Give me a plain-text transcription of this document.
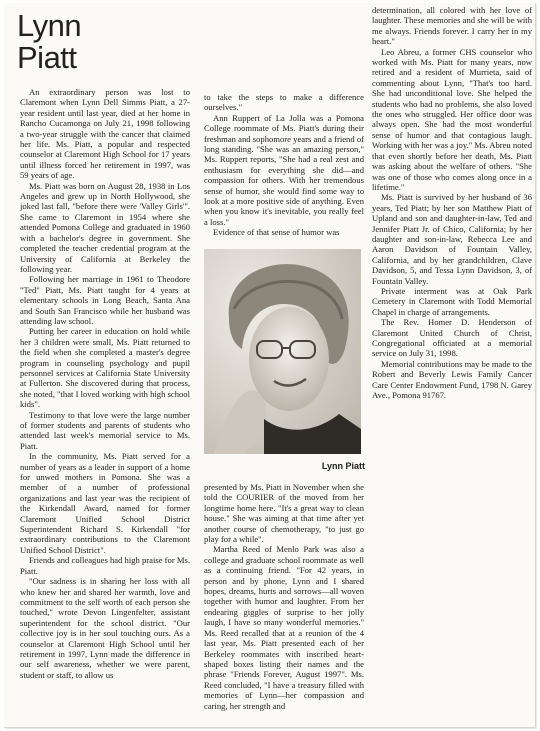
Lynn
Piatt

An extraordinary person was lost to Claremont when Lynn Dell Simms Piatt, a 27-year resident until last year, died at her home in Rancho Cucamonga on July 21, 1998 following a two-year struggle with the cancer that claimed her life. Ms. Piatt, a popular and respected counselor at Claremont High School for 17 years until illness forced her retirement in 1997, was 59 years of age.

Ms. Piatt was born on August 28, 1938 in Los Angeles and grew up in North Hollywood, she joked last fall, "before there were 'Valley Girls'". She came to Claremont in 1954 where she attended Pomona College and graduated in 1960 with a bachelor's degree in government. She completed the teacher credential program at the University of California at Berkeley the following year.

Following her marriage in 1961 to Theodore "Ted" Piatt, Ms. Piatt taught for 4 years at elementary schools in Long Beach, Santa Ana and South San Francisco while her husband was attending law school.

Putting her career in education on hold while her 3 children were small, Ms. Piatt returned to the field when she completed a master's degree program in counseling psychology and pupil personnel services at California State University at Fullerton. She discovered during that process, she noted, "that I loved working with high school kids".

Testimony to that love were the large number of former students and parents of students who attended last week's memorial service to Ms. Piatt.

In the community, Ms. Piatt served for a number of years as a leader in support of a home for unwed mothers in Pomona. She was a member of a number of professional organizations and last year was the recipient of the Kirkendall Award, named for former Claremont Unified School District Superintendent Richard S. Kirkendall "for extraordinary contributions to the Claremont Unified School District".

Friends and colleagues had high praise for Ms. Piatt.

"Our sadness is in sharing her loss with all who knew her and shared her warmth, love and commitment to the self worth of each person she touched," wrote Devon Lingenfelter, assistant superintendent for the school district. "Our collective joy is in her soul touching ours. As a counselor at Claremont High School until her retirement in 1997, Lynn made the difference in our self awareness, whether we were parent, student or staff, to allow us

to take the steps to make a difference ourselves."

Ann Ruppert of La Jolla was a Pomona College roommate of Ms. Piatt's during their freshman and sophomore years and a friend of long standing. "She was an amazing person," Ms. Ruppert reports, "She had a real zest and enthusiasm for everything she did—and compassion for others. With her tremendous sense of humor, she would find some way to look at a more positive side of anything. Even when you know it's inevitable, you really feel a loss."

Evidence of that sense of humor was

Lynn Piatt

presented by Ms. Piatt in November when she told the COURIER of the moved from her longtime home here. "It's a great way to clean house." She was aiming at that time after yet another course of chemotherapy, "to just go play for a while".

Martha Reed of Menlo Park was also a college and graduate school roommate as well as a continuing friend. "For 42 years, in person and by phone, Lynn and I shared hopes, dreams, hurts and sorrows—all woven together with humor and laughter. From her endearing giggles of surprise to her jolly laugh, I have so many wonderful memories." Ms. Reed recalled that at a reunion of the 4 last year, Ms. Piatt presented each of her Berkeley roommates with inscribed heart-shaped boxes listing their names and the phrase "Friends Forever, August 1997". Ms. Reed concluded, "I have a treasury filled with memories of Lynn—her compassion and caring, her strength and

determination, all colored with her love of laughter. These memories and she will be with me always. Friends forever. I carry her in my heart."

Leo Abreu, a former CHS counselor who worked with Ms. Piatt for many years, now retired and a resident of Murrieta, said of commenting about Lynn, "That's too hard. She had unconditional love. She helped the students who had no problems, she also loved the ones who struggled. Her office door was always open. She had the most wonderful sense of humor and that contagious laugh. Working with her was a joy." Ms. Abreu noted that even shortly before her death, Ms. Piatt was asking about the welfare of others. "She was one of those who comes along once in a lifetime."

Ms. Piatt is survived by her husband of 36 years, Ted Piatt; by her son Matthew Piatt of Upland and son and daughter-in-law, Ted and Jennifer Piatt Jr. of Chico, California; by her daughter and son-in-law, Rebecca Lee and Aaron Davidson of Fountain Valley, California, and by her grandchildren, Clave Davidson, 5, and Tessa Lynn Davidson, 3, of Fountain Valley.

Private interment was at Oak Park Cemetery in Claremont with Todd Memorial Chapel in charge of arrangements.

The Rev. Homer D. Henderson of Claremont United Church of Christ, Congregational officiated at a memorial service on July 31, 1998.

Memorial contributions may be made to the Robert and Beverly Lewis Family Cancer Care Center Endowment Fund, 1798 N. Garey Ave., Pomona 91767.
